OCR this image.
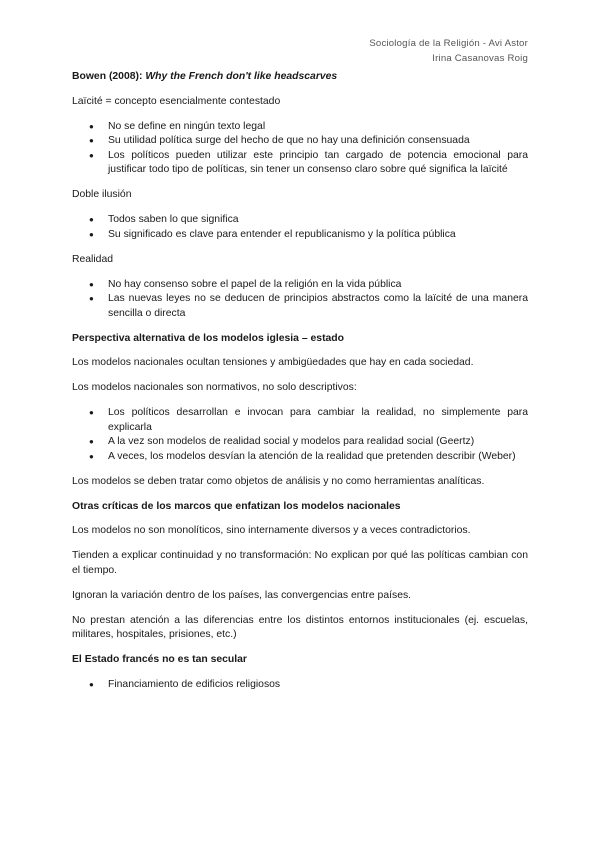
Sociología de la Religión - Avi Astor
Irina Casanovas Roig
Bowen (2008): Why the French don't like headscarves

Laïcité = concepto esencialmente contestado

● No se define en ningún texto legal
● Su utilidad política surge del hecho de que no hay una definición consensuada
● Los políticos pueden utilizar este principio tan cargado de potencia emocional para justificar todo tipo de políticas, sin tener un consenso claro sobre qué significa la laïcité

Doble ilusión

● Todos saben lo que significa
● Su significado es clave para entender el republicanismo y la política pública

Realidad

● No hay consenso sobre el papel de la religión en la vida pública
● Las nuevas leyes no se deducen de principios abstractos como la laïcité de una manera sencilla o directa
Perspectiva alternativa de los modelos iglesia – estado

Los modelos nacionales ocultan tensiones y ambigüedades que hay en cada sociedad.

Los modelos nacionales son normativos, no solo descriptivos:

● Los políticos desarrollan e invocan para cambiar la realidad, no simplemente para explicarla
● A la vez son modelos de realidad social y modelos para realidad social (Geertz)
● A veces, los modelos desvían la atención de la realidad que pretenden describir (Weber)

Los modelos se deben tratar como objetos de análisis y no como herramientas analíticas.

Otras críticas de los marcos que enfatizan los modelos nacionales

Los modelos no son monolíticos, sino internamente diversos y a veces contradictorios.

Tienden a explicar continuidad y no transformación: No explican por qué las políticas cambian con el tiempo.

Ignoran la variación dentro de los países, las convergencias entre países.

No prestan atención a las diferencias entre los distintos entornos institucionales (ej. escuelas, militares, hospitales, prisiones, etc.)

El Estado francés no es tan secular
● Financiamiento de edificios religiosos
